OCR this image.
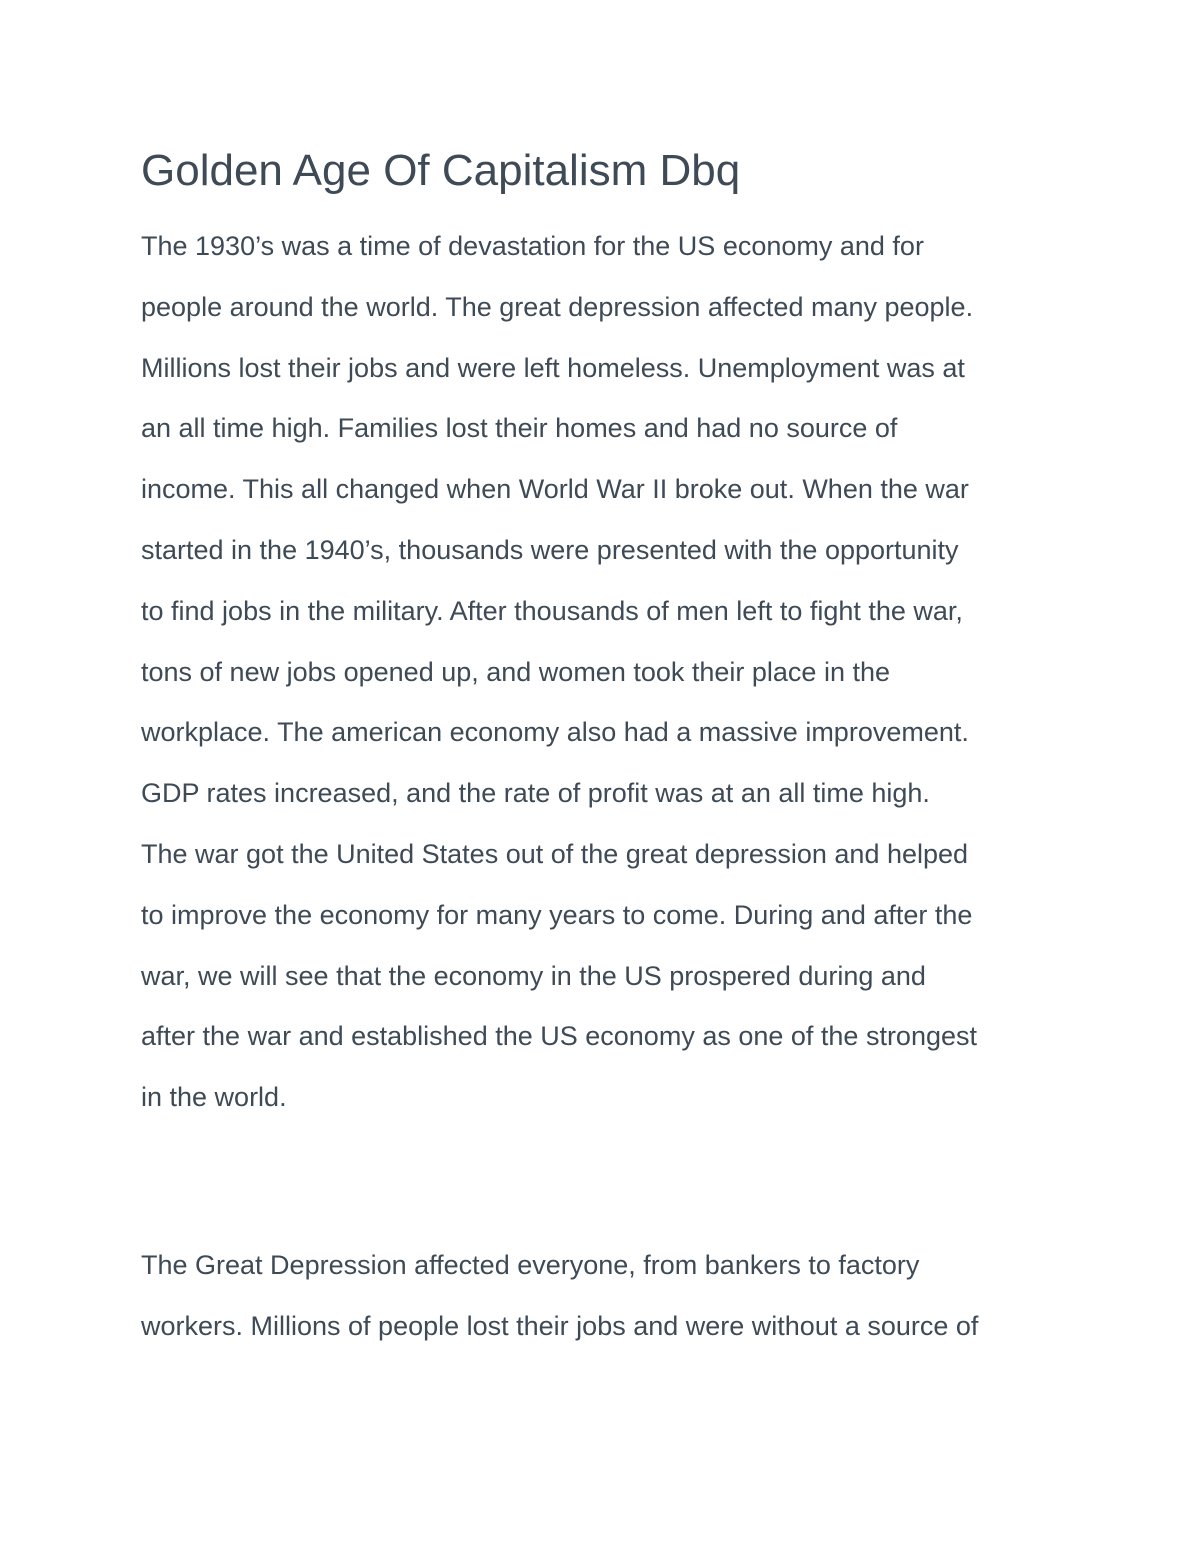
Golden Age Of Capitalism Dbq

The 1930’s was a time of devastation for the US economy and for
people around the world. The great depression affected many people.
Millions lost their jobs and were left homeless. Unemployment was at
an all time high. Families lost their homes and had no source of
income. This all changed when World War II broke out. When the war
started in the 1940’s, thousands were presented with the opportunity
to find jobs in the military. After thousands of men left to fight the war,
tons of new jobs opened up, and women took their place in the
workplace. The american economy also had a massive improvement.
GDP rates increased, and the rate of profit was at an all time high.
The war got the United States out of the great depression and helped
to improve the economy for many years to come. During and after the
war, we will see that the economy in the US prospered during and
after the war and established the US economy as one of the strongest
in the world.

The Great Depression affected everyone, from bankers to factory
workers. Millions of people lost their jobs and were without a source of
